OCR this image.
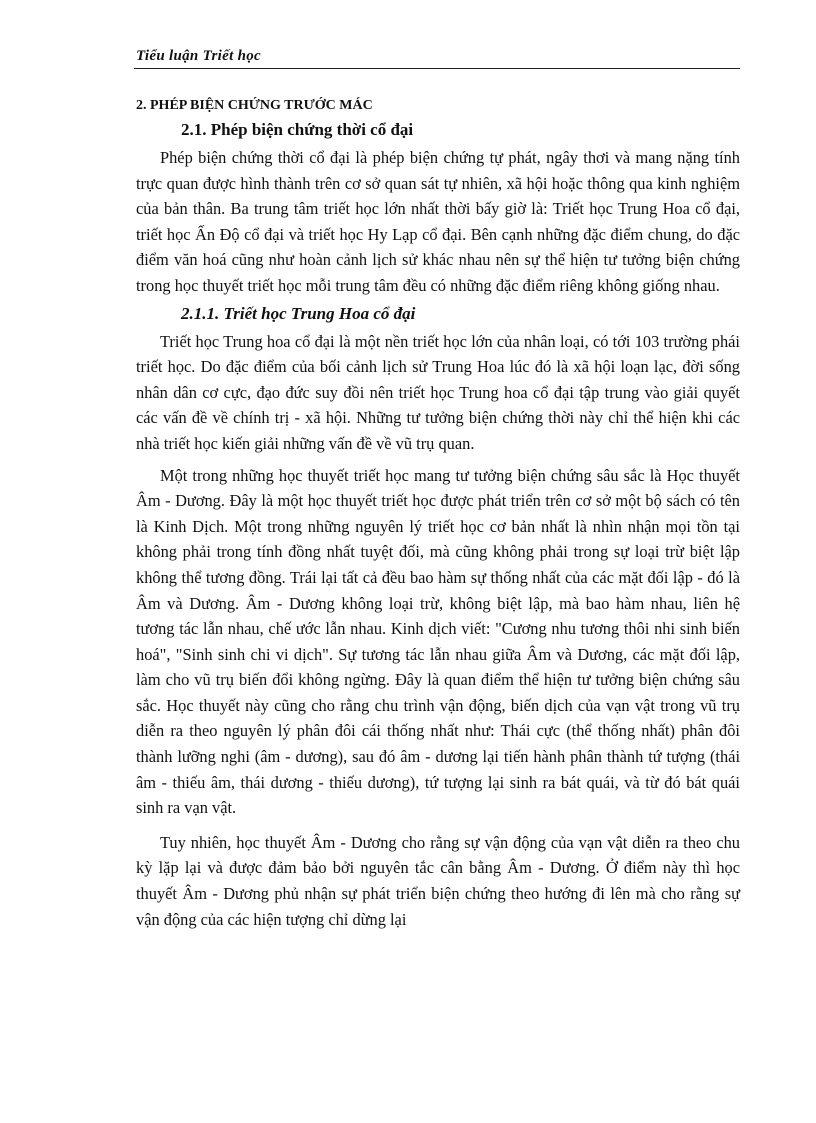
Tiểu luận Triết học
2. PHÉP BIỆN CHỨNG TRƯỚC MÁC
2.1. Phép biện chứng thời cổ đại

Phép biện chứng thời cổ đại là phép biện chứng tự phát, ngây thơi và mang nặng tính trực quan được hình thành trên cơ sở quan sát tự nhiên, xã hội hoặc thông qua kinh nghiệm của bản thân. Ba trung tâm triết học lớn nhất thời bấy giờ là: Triết học Trung Hoa cổ đại, triết học Ấn Độ cổ đại và triết học Hy Lạp cổ đại. Bên cạnh những đặc điểm chung, do đặc điểm văn hoá cũng như hoàn cảnh lịch sử khác nhau nên sự thể hiện tư tưởng biện chứng trong học thuyết triết học mỗi trung tâm đều có những đặc điểm riêng không giống nhau.

2.1.1. Triết học Trung Hoa cổ đại

Triết học Trung hoa cổ đại là một nền triết học lớn của nhân loại, có tới 103 trường phái triết học. Do đặc điểm của bối cảnh lịch sử Trung Hoa lúc đó là xã hội loạn lạc, đời sống nhân dân cơ cực, đạo đức suy đồi nên triết học Trung hoa cổ đại tập trung vào giải quyết các vấn đề về chính trị - xã hội. Những tư tưởng biện chứng thời này chỉ thể hiện khi các nhà triết học kiến giải những vấn đề về vũ trụ quan.

Một trong những học thuyết triết học mang tư tưởng biện chứng sâu sắc là Học thuyết Âm - Dương. Đây là một học thuyết triết học được phát triển trên cơ sở một bộ sách có tên là Kinh Dịch. Một trong những nguyên lý triết học cơ bản nhất là nhìn nhận mọi tồn tại không phải trong tính đồng nhất tuyệt đối, mà cũng không phải trong sự loại trừ biệt lập không thể tương đồng. Trái lại tất cả đều bao hàm sự thống nhất của các mặt đối lập - đó là Âm và Dương. Âm - Dương không loại trừ, không biệt lập, mà bao hàm nhau, liên hệ tương tác lẫn nhau, chế ước lẫn nhau. Kinh dịch viết: "Cương nhu tương thôi nhi sinh biến hoá", "Sinh sinh chi vi dịch". Sự tương tác lẫn nhau giữa Âm và Dương, các mặt đối lập, làm cho vũ trụ biến đổi không ngừng. Đây là quan điểm thể hiện tư tưởng biện chứng sâu sắc. Học thuyết này cũng cho rằng chu trình vận động, biến dịch của vạn vật trong vũ trụ diễn ra theo nguyên lý phân đôi cái thống nhất như: Thái cực (thể thống nhất) phân đôi thành lưỡng nghi (âm - dương), sau đó âm - dương lại tiến hành phân thành tứ tượng (thái âm - thiếu âm, thái dương - thiếu dương), tứ tượng lại sinh ra bát quái, và từ đó bát quái sinh ra vạn vật.

Tuy nhiên, học thuyết Âm - Dương cho rằng sự vận động của vạn vật diễn ra theo chu kỳ lặp lại và được đảm bảo bởi nguyên tắc cân bằng Âm - Dương. Ở điểm này thì học thuyết Âm - Dương phủ nhận sự phát triển biện chứng theo hướng đi lên mà cho rằng sự vận động của các hiện tượng chỉ dừng lại
